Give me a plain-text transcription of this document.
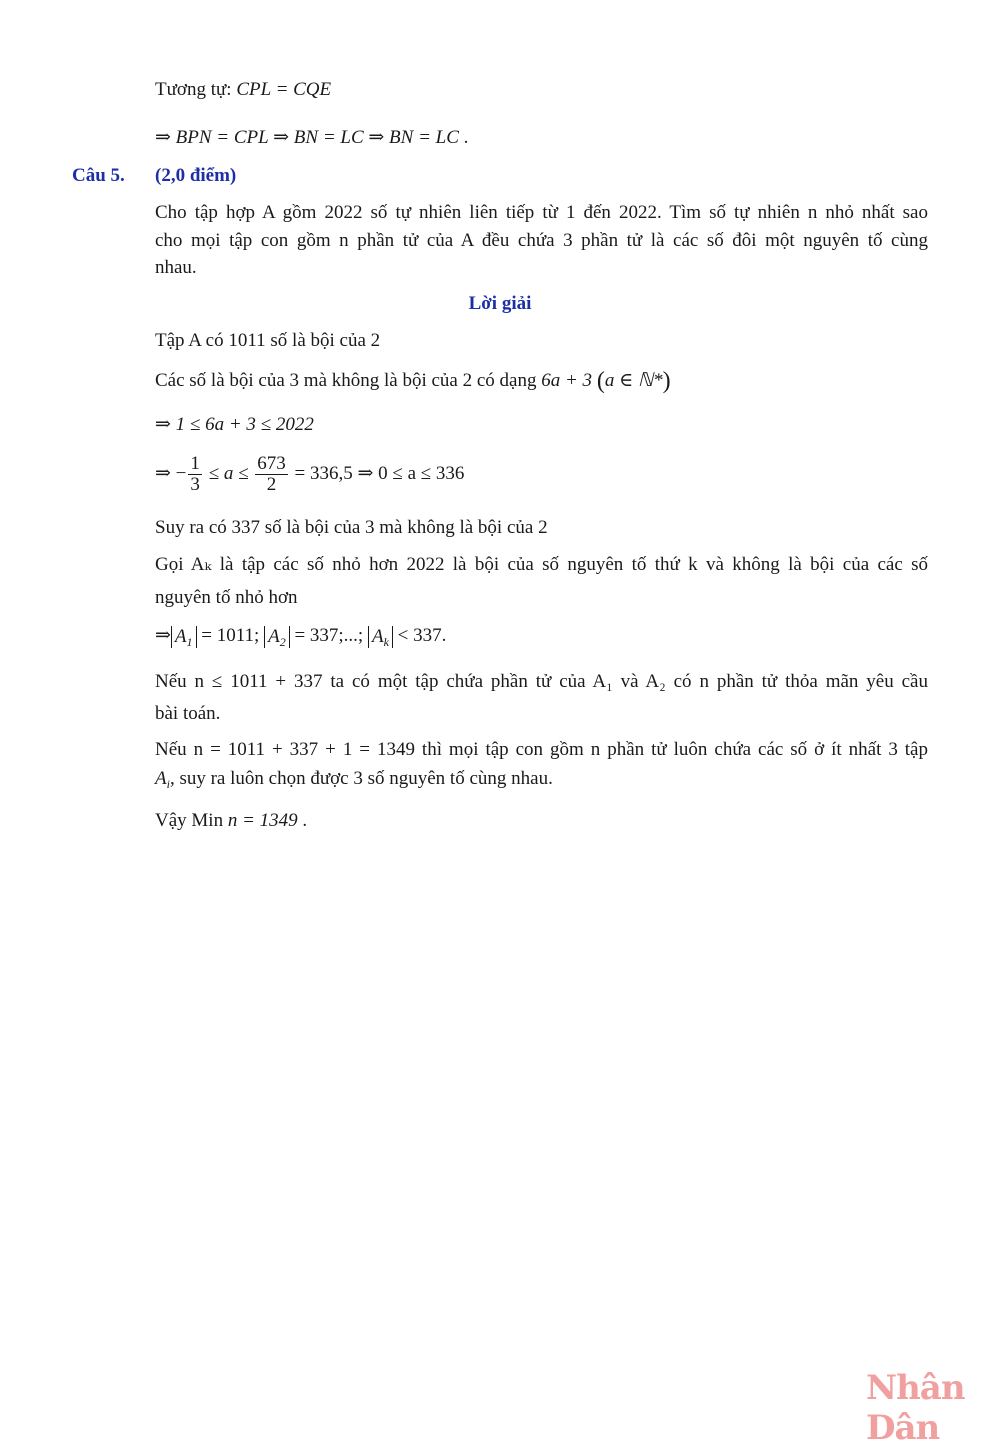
Tương tự: CPL = CQE
⇒ BPN = CPL ⇒ BN = LC ⇒ BN = LC .
Câu 5. (2,0 điểm)
Cho tập hợp A gồm 2022 số tự nhiên liên tiếp từ 1 đến 2022. Tìm số tự nhiên n nhỏ nhất sao
cho mọi tập con gồm n phần tử của A đều chứa 3 phần tử là các số đôi một nguyên tố cùng
nhau.
Lời giải
Tập A có 1011 số là bội của 2
Các số là bội của 3 mà không là bội của 2 có dạng 6a + 3 (a ∈ ℕ*)
⇒ 1 ≤ 6a + 3 ≤ 2022
⇒ − $\frac{1}{3} \le a \le \frac{673}{2} = 336,5$ ⇒ 0 ≤ a ≤ 336
Suy ra có 337 số là bội của 3 mà không là bội của 2
Gọi Aₖ là tập các số nhỏ hơn 2022 là bội của số nguyên tố thứ k và không là bội của các số
nguyên tố nhỏ hơn
⇒ $A_1 = 1011$; $A_2 = 337$;...; $A_k < 337$.
Nếu n ≤ 1011 + 337 ta có một tập chứa phần tử của A₁ và A₂ có n phần tử thỏa mãn yêu cầu
bài toán.
Nếu n = 1011 + 337 + 1 = 1349 thì mọi tập con gồm n phần tử luôn chứa các số ở ít nhất 3 tập
$A_i$, suy ra luôn chọn được 3 số nguyên tố cùng nhau.
Vậy Min n = 1349 .
Nhân Dân
